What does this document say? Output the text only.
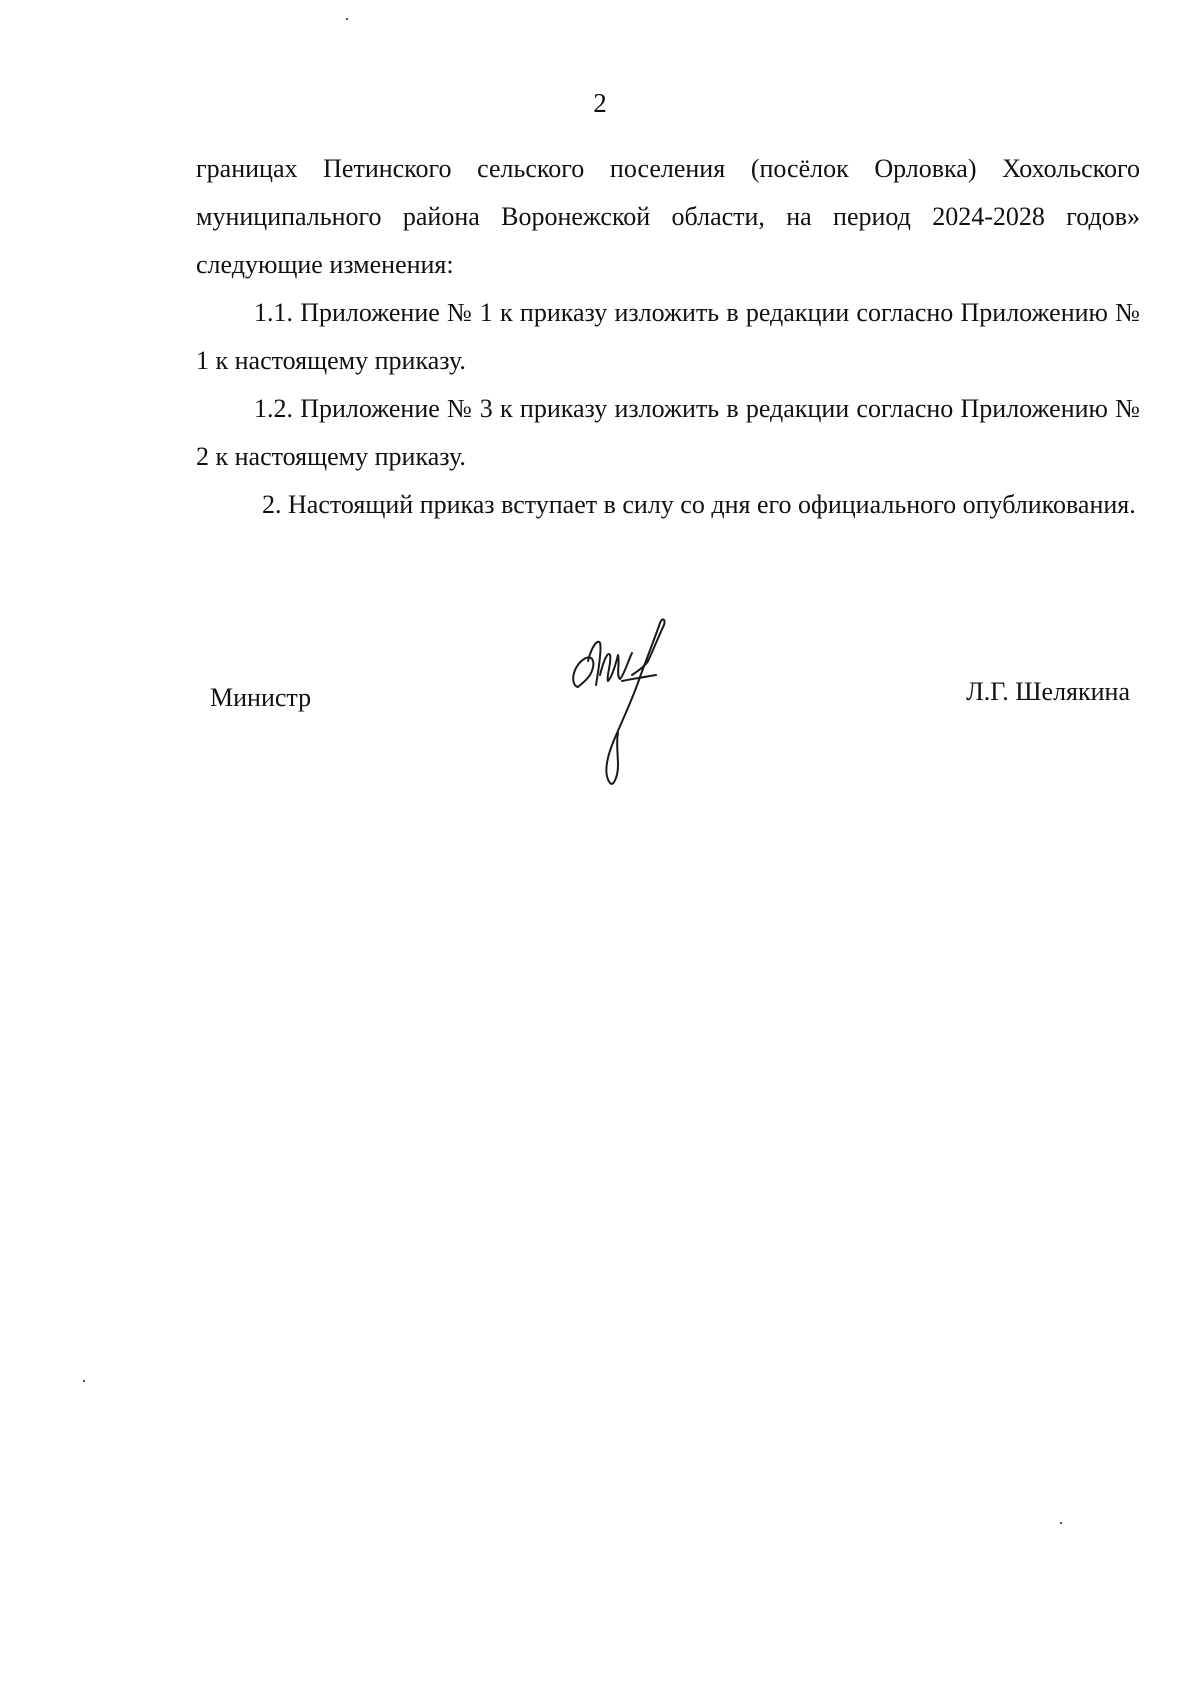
2

границах Петинского сельского поселения (посёлок Орловка) Хохольского муниципального района Воронежской области, на период 2024-2028 годов» следующие изменения:

1.1. Приложение № 1 к приказу изложить в редакции согласно Приложению № 1 к настоящему приказу.

1.2. Приложение № 3 к приказу изложить в редакции согласно Приложению № 2 к настоящему приказу.

2. Настоящий приказ вступает в силу со дня его официального опубликования.

Министр	Л.Г. Шелякина
